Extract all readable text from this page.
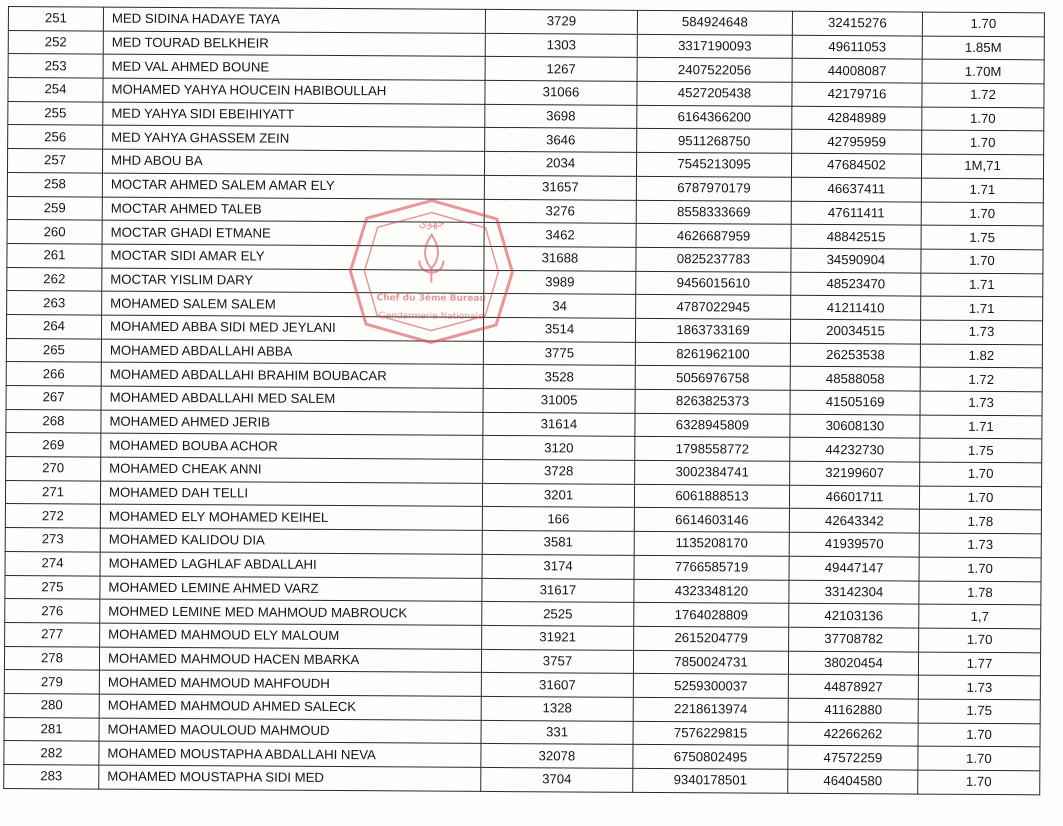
251	MED SIDINA HADAYE TAYA	3729	584924648	32415276	1.70
252	MED TOURAD BELKHEIR	1303	3317190093	49611053	1.85M
253	MED VAL AHMED BOUNE	1267	2407522056	44008087	1.70M
254	MOHAMED YAHYA HOUCEIN HABIBOULLAH	31066	4527205438	42179716	1.72
255	MED YAHYA SIDI EBEIHIYATT	3698	6164366200	42848989	1.70
256	MED YAHYA GHASSEM ZEIN	3646	9511268750	42795959	1.70
257	MHD ABOU BA	2034	7545213095	47684502	1M,71
258	MOCTAR AHMED SALEM AMAR ELY	31657	6787970179	46637411	1.71
259	MOCTAR AHMED TALEB	3276	8558333669	47611411	1.70
260	MOCTAR GHADI ETMANE	3462	4626687959	48842515	1.75
261	MOCTAR SIDI AMAR ELY	31688	0825237783	34590904	1.70
262	MOCTAR YISLIM DARY	3989	9456015610	48523470	1.71
263	MOHAMED SALEM SALEM	34	4787022945	41211410	1.71
264	MOHAMED ABBA SIDI MED JEYLANI	3514	1863733169	20034515	1.73
265	MOHAMED ABDALLAHI ABBA	3775	8261962100	26253538	1.82
266	MOHAMED ABDALLAHI BRAHIM BOUBACAR	3528	5056976758	48588058	1.72
267	MOHAMED ABDALLAHI MED SALEM	31005	8263825373	41505169	1.73
268	MOHAMED AHMED JERIB	31614	6328945809	30608130	1.71
269	MOHAMED BOUBA ACHOR	3120	1798558772	44232730	1.75
270	MOHAMED CHEAK ANNI	3728	3002384741	32199607	1.70
271	MOHAMED DAH TELLI	3201	6061888513	46601711	1.70
272	MOHAMED ELY MOHAMED KEIHEL	166	6614603146	42643342	1.78
273	MOHAMED KALIDOU DIA	3581	1135208170	41939570	1.73
274	MOHAMED LAGHLAF ABDALLAHI	3174	7766585719	49447147	1.70
275	MOHAMED LEMINE AHMED VARZ	31617	4323348120	33142304	1.78
276	MOHMED LEMINE MED MAHMOUD MABROUCK	2525	1764028809	42103136	1,7
277	MOHAMED MAHMOUD ELY MALOUM	31921	2615204779	37708782	1.70
278	MOHAMED MAHMOUD HACEN MBARKA	3757	7850024731	38020454	1.77
279	MOHAMED MAHMOUD MAHFOUDH	31607	5259300037	44878927	1.73
280	MOHAMED MAHMOUD AHMED SALECK	1328	2218613974	41162880	1.75
281	MOHAMED MAOULOUD MAHMOUD	331	7576229815	42266262	1.70
282	MOHAMED MOUSTAPHA ABDALLAHI NEVA	32078	6750802495	47572259	1.70
283	MOHAMED MOUSTAPHA SIDI MED	3704	9340178501	46404580	1.70
جهوي
Chef du 3ème Bureau
Gendarmerie Nationale
